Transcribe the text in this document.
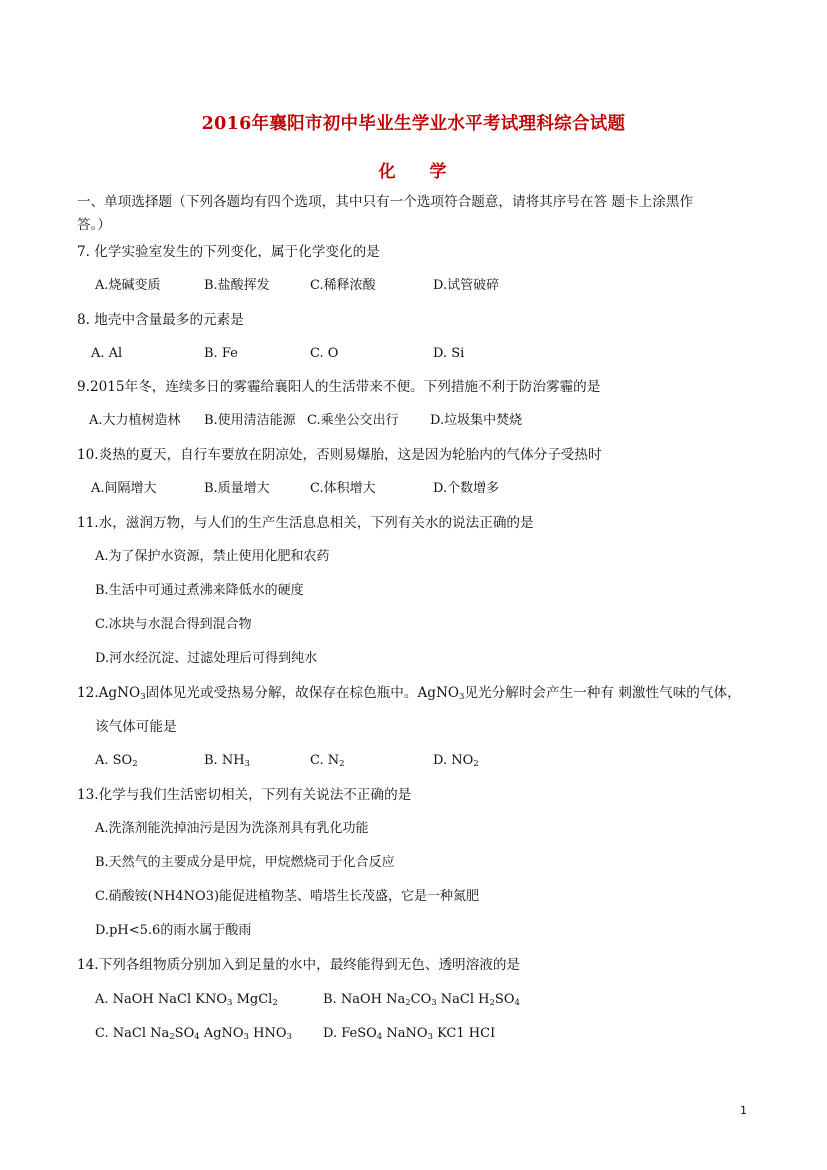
2016年襄阳市初中毕业生学业水平考试理科综合试题
化 学
一、单项选择题（下列各题均有四个选项，其中只有一个选项符合题意，请将其序号在答 题卡上涂黑作
答。）
7. 化学实验室发生的下列变化，属于化学变化的是
A.烧碱变质	B.盐酸挥发	C.稀释浓酸	D.试管破碎
8. 地壳中含量最多的元素是
A. Al	B. Fe	C. O	D. Si
9.2015年冬，连续多日的雾霾给襄阳人的生活带来不便。下列措施不利于防治雾霾的是
A.大力植树造林 B.使用清洁能源 C.乘坐公交出行 D.垃圾集中焚烧
10.炎热的夏天，自行车要放在阴凉处，否则易爆胎，这是因为轮胎内的气体分子受热时
A.间隔增大	B.质量增大	C.体积增大	D.个数增多
11.水，滋润万物，与人们的生产生活息息相关，下列有关水的说法正确的是
A.为了保护水资源，禁止使用化肥和农药
B.生活中可通过煮沸来降低水的硬度
C.冰块与水混合得到混合物
D.河水经沉淀、过滤处理后可得到纯水
12.AgNO$_3$固体见光或受热易分解，故保存在棕色瓶中。AgNO$_3$见光分解时会产生一种有 刺激性气味的气体，
该气体可能是
A. $SO_2$	B. $NH_3$	C. $N_2$	D. $NO_2$
13.化学与我们生活密切相关，下列有关说法不正确的是
A.洗涤剂能洗掉油污是因为洗涤剂具有乳化功能
B.天然气的主要成分是甲烷，甲烷燃烧司于化合反应
C.硝酸铵(NH4NO3)能促进植物茎、啃塔生长茂盛，它是一种氮肥
D.pH<5.6的雨水属于酸雨
14.下列各组物质分别加入到足量的水中，最终能得到无色、透明溶液的是
A. NaOH NaCl $KNO_3$ MgCl$_2$	B. NaOH $Na_2CO_3$ NaCl $H_2SO_4$
C. NaCl $Na_2SO_4$ AgNO$_3$ $HNO_3$ D. FeSO$_4$ NaNO$_3$ KC1 HCI
1
